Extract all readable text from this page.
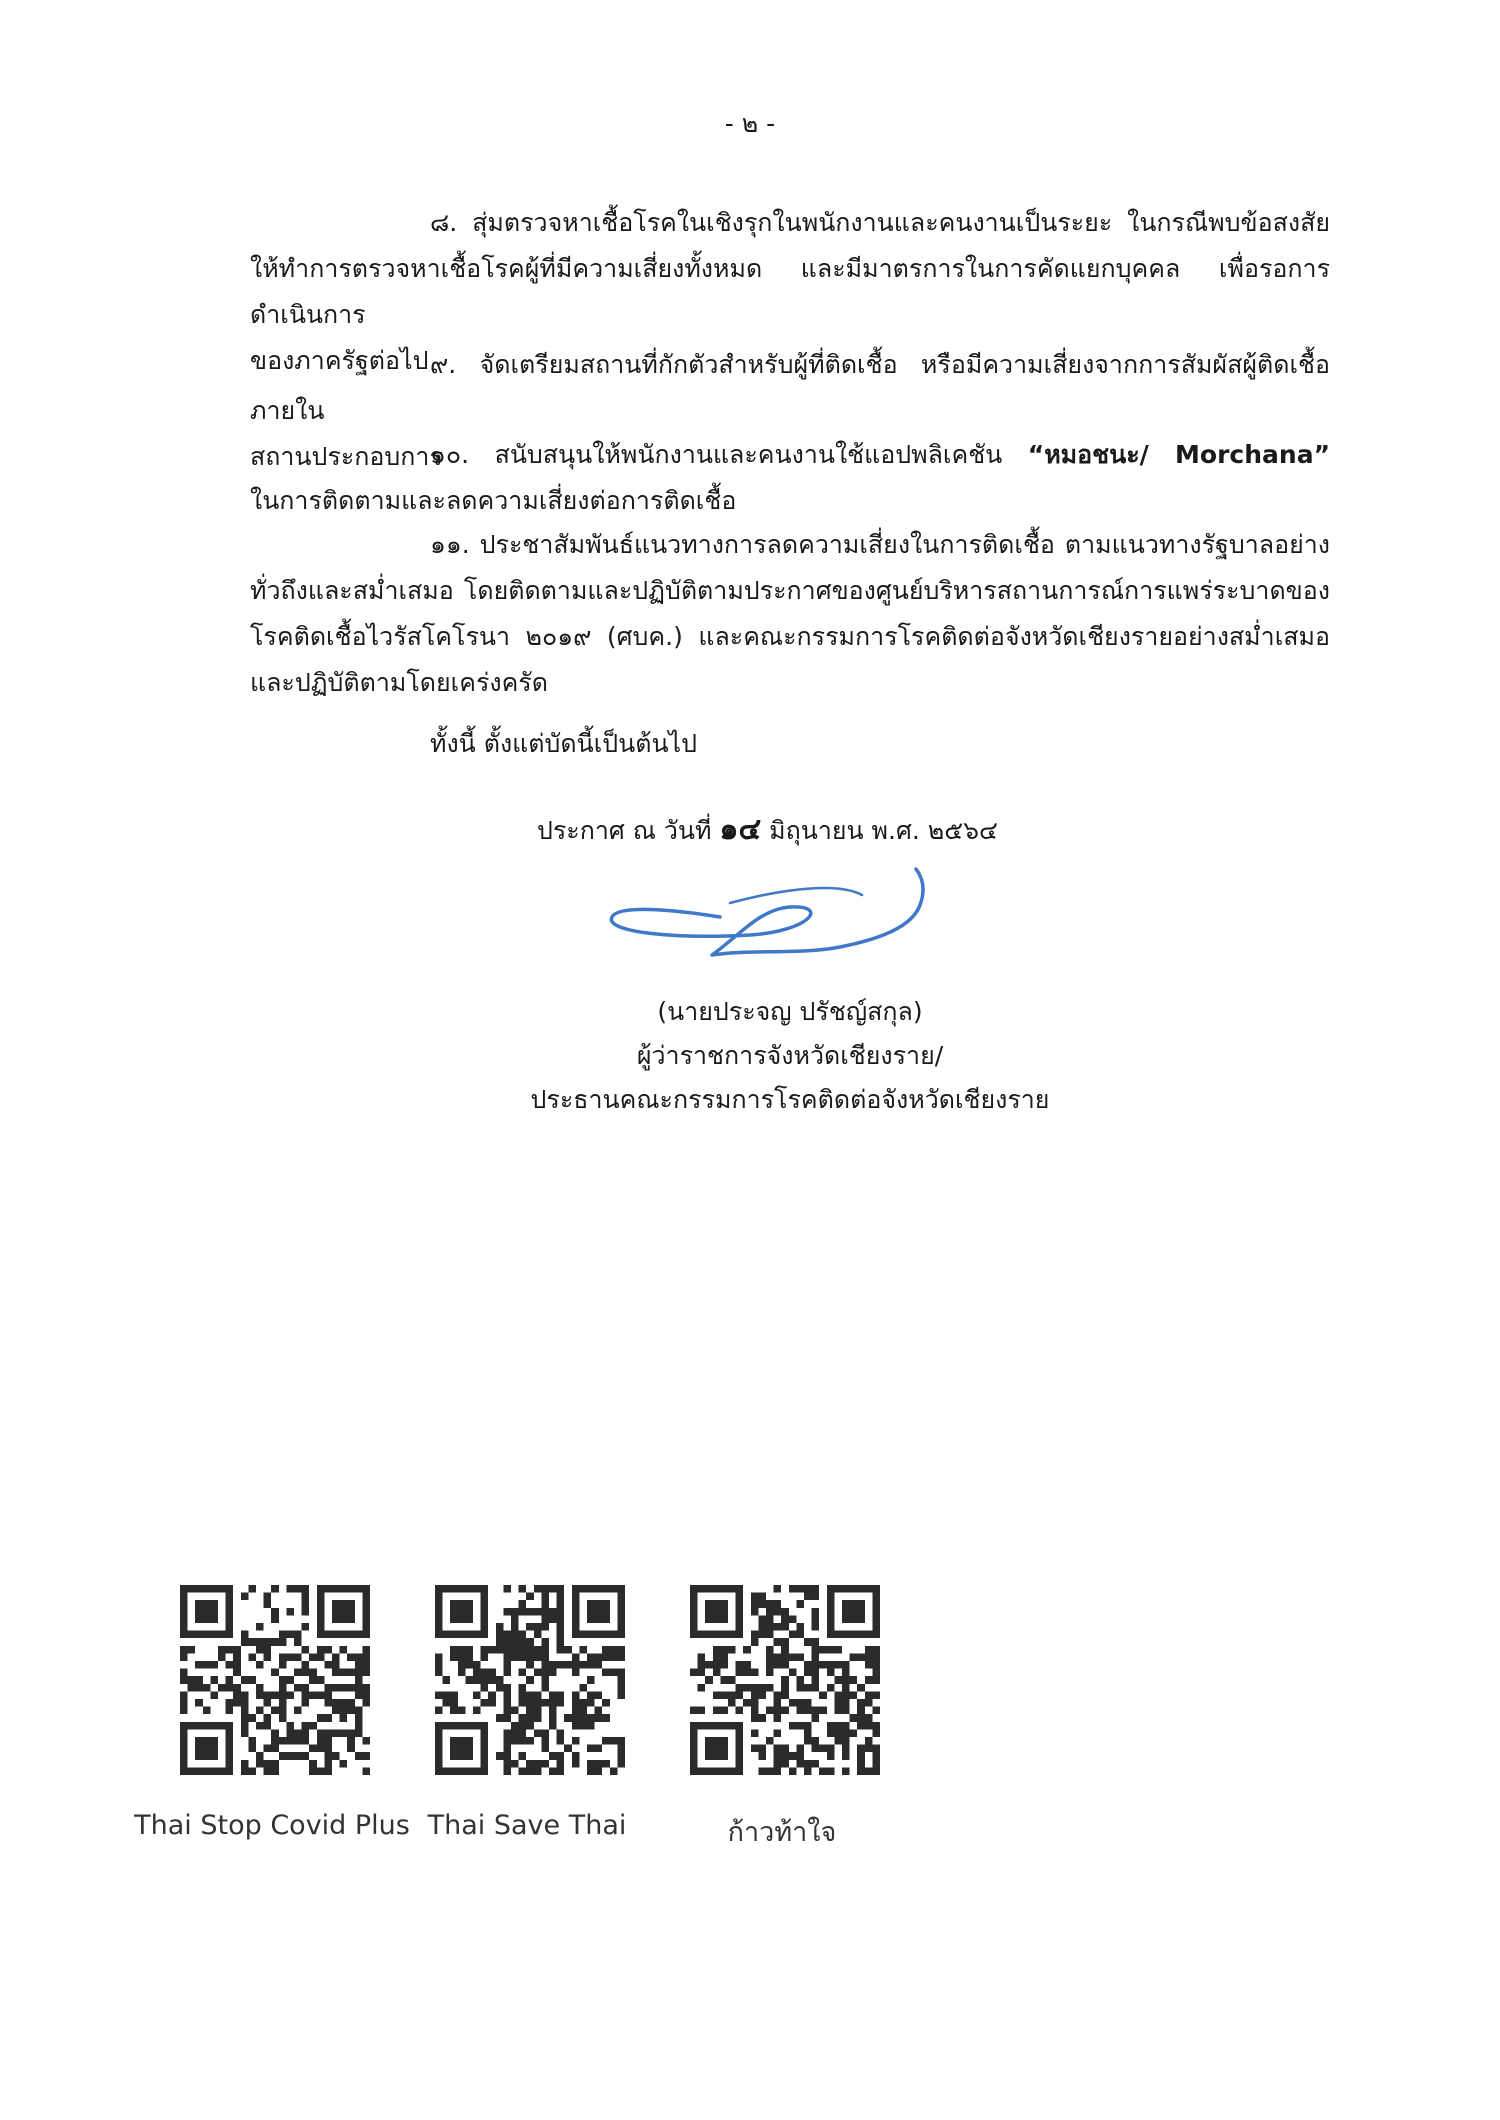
- ๒ -
๘. สุ่มตรวจหาเชื้อโรคในเชิงรุกในพนักงานและคนงานเป็นระยะ ในกรณีพบข้อสงสัย
ให้ทำการตรวจหาเชื้อโรคผู้ที่มีความเสี่ยงทั้งหมด และมีมาตรการในการคัดแยกบุคคล เพื่อรอการดำเนินการ
ของภาครัฐต่อไป ๙. จัดเตรียมสถานที่กักตัวสำหรับผู้ที่ติดเชื้อ หรือมีความเสี่ยงจากการสัมผัสผู้ติดเชื้อ ภายใน
สถานประกอบการ
๑๐. สนับสนุนให้พนักงานและคนงานใช้แอปพลิเคชัน “หมอชนะ/ Morchana”
ในการติดตามและลดความเสี่ยงต่อการติดเชื้อ
๑๑. ประชาสัมพันธ์แนวทางการลดความเสี่ยงในการติดเชื้อ ตามแนวทางรัฐบาลอย่าง
ทั่วถึงและสม่ำเสมอ โดยติดตามและปฏิบัติตามประกาศของศูนย์บริหารสถานการณ์การแพร่ระบาดของ
โรคติดเชื้อไวรัสโคโรนา ๒๐๑๙ (ศบค.) และคณะกรรมการโรคติดต่อจังหวัดเชียงรายอย่างสม่ำเสมอ
และปฏิบัติตามโดยเคร่งครัด
ทั้งนี้ ตั้งแต่บัดนี้เป็นต้นไป
ประกาศ ณ วันที่ ๑๔ มิถุนายน พ.ศ. ๒๕๖๔
(นายประจญ ปรัชญ์สกุล)
ผู้ว่าราชการจังหวัดเชียงราย/
ประธานคณะกรรมการโรคติดต่อจังหวัดเชียงราย
Thai Stop Covid Plus Thai Save Thai	ก้าวท้าใจ
